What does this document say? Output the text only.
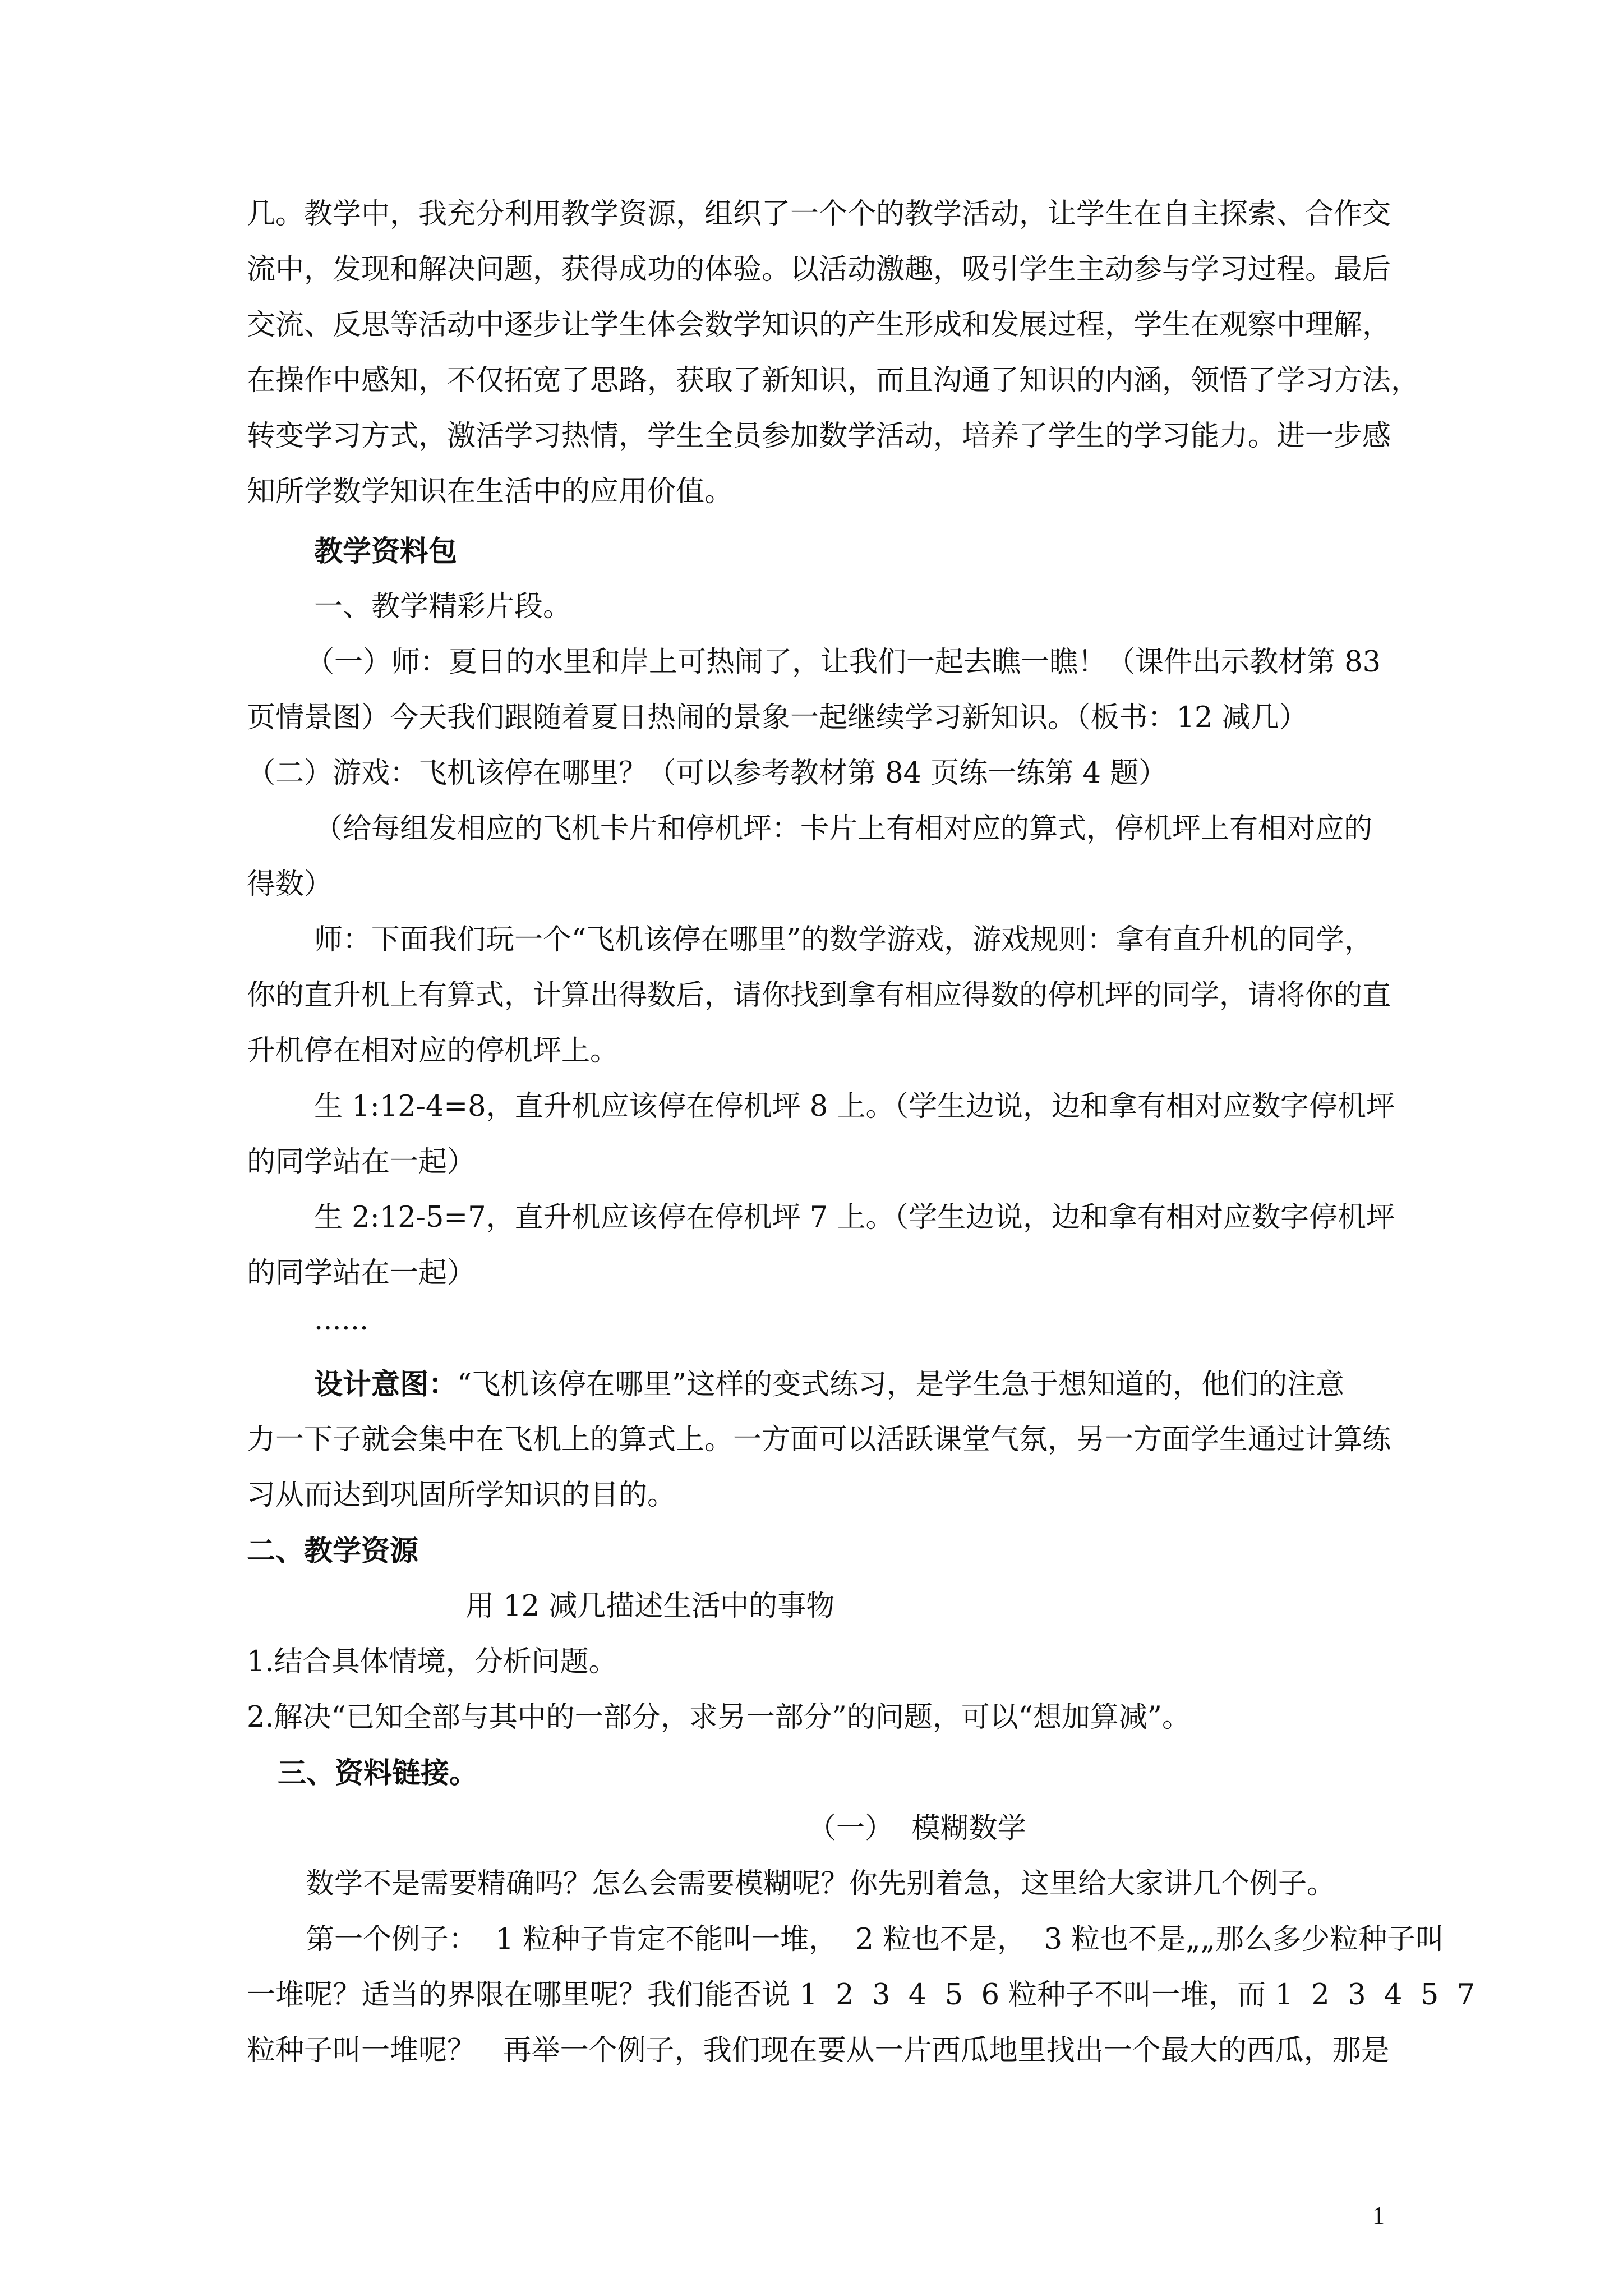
几。教学中，我充分利用教学资源，组织了一个个的教学活动，让学生在自主探索、合作交

流中，发现和解决问题，获得成功的体验。以活动激趣，吸引学生主动参与学习过程。最后

交流、反思等活动中逐步让学生体会数学知识的产生形成和发展过程，学生在观察中理解，

在操作中感知，不仅拓宽了思路，获取了新知识，而且沟通了知识的内涵，领悟了学习方法，

转变学习方式，激活学习热情，学生全员参加数学活动，培养了学生的学习能力。进一步感

知所学数学知识在生活中的应用价值。

教学资料包

一、教学精彩片段。

（一）师：夏日的水里和岸上可热闹了，让我们一起去瞧一瞧！（课件出示教材第 83

页情景图）今天我们跟随着夏日热闹的景象一起继续学习新知识。（板书：12 减几）

（二）游戏：飞机该停在哪里？（可以参考教材第 84 页练一练第 4 题）

（给每组发相应的飞机卡片和停机坪：卡片上有相对应的算式，停机坪上有相对应的

得数）

师：下面我们玩一个“飞机该停在哪里”的数学游戏，游戏规则：拿有直升机的同学，

你的直升机上有算式，计算出得数后，请你找到拿有相应得数的停机坪的同学，请将你的直

升机停在相对应的停机坪上。

生 1:12-4=8，直升机应该停在停机坪 8 上。（学生边说，边和拿有相对应数字停机坪

的同学站在一起）

生 2:12-5=7，直升机应该停在停机坪 7 上。（学生边说，边和拿有相对应数字停机坪

的同学站在一起）

······

设计意图：“飞机该停在哪里”这样的变式练习，是学生急于想知道的，他们的注意

力一下子就会集中在飞机上的算式上。一方面可以活跃课堂气氛，另一方面学生通过计算练

习从而达到巩固所学知识的目的。

二、教学资源

用 12 减几描述生活中的事物

1.结合具体情境，分析问题。

2.解决“已知全部与其中的一部分，求另一部分”的问题，可以“想加算减”。

三、资料链接。

（一）  模糊数学

数学不是需要精确吗？怎么会需要模糊呢？你先别着急，这里给大家讲几个例子。

第一个例子：  1 粒种子肯定不能叫一堆，  2 粒也不是，  3 粒也不是„„那么多少粒种子叫

一堆呢？适当的界限在哪里呢？我们能否说 1  2  3  4  5  6 粒种子不叫一堆，而 1  2  3  4  5  7

粒种子叫一堆呢？   再举一个例子，我们现在要从一片西瓜地里找出一个最大的西瓜，那是

1
